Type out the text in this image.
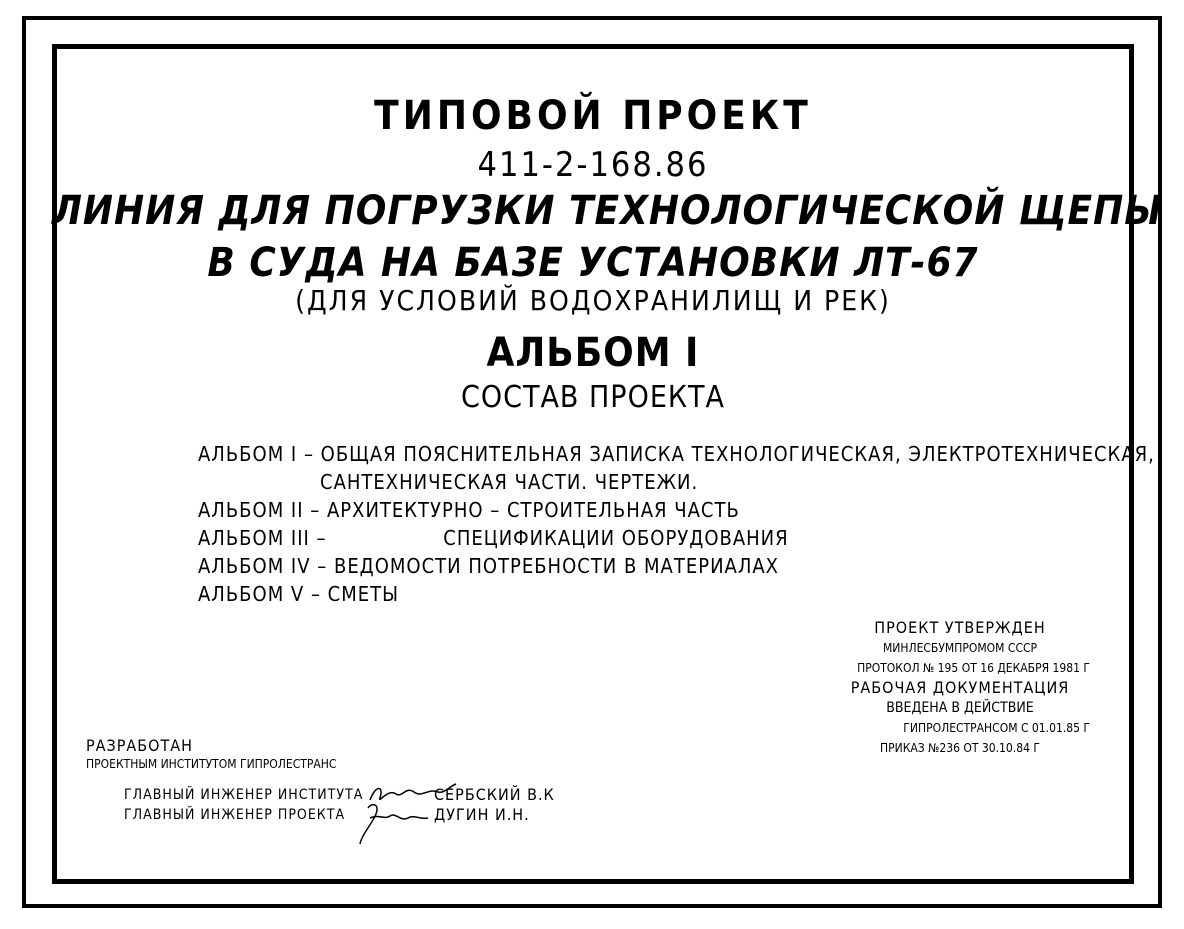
ТИПОВОЙ ПРОЕКТ
411-2-168.86
ЛИНИЯ ДЛЯ ПОГРУЗКИ ТЕХНОЛОГИЧЕСКОЙ ЩЕПЫ
В СУДА НА БАЗЕ УСТАНОВКИ ЛТ-67
(ДЛЯ УСЛОВИЙ ВОДОХРАНИЛИЩ И РЕК)
АЛЬБОМ I
СОСТАВ ПРОЕКТА
АЛЬБОМ I – ОБЩАЯ ПОЯСНИТЕЛЬНАЯ ЗАПИСКА ТЕХНОЛОГИЧЕСКАЯ, ЭЛЕКТРОТЕХНИЧЕСКАЯ,
САНТЕХНИЧЕСКАЯ ЧАСТИ. ЧЕРТЕЖИ.
АЛЬБОМ II – АРХИТЕКТУРНО – СТРОИТЕЛЬНАЯ ЧАСТЬ
АЛЬБОМ III –	СПЕЦИФИКАЦИИ ОБОРУДОВАНИЯ
АЛЬБОМ IV – ВЕДОМОСТИ ПОТРЕБНОСТИ В МАТЕРИАЛАХ
АЛЬБОМ V – СМЕТЫ
ПРОЕКТ УТВЕРЖДЕН
МИНЛЕСБУМПРОМОМ СССР
ПРОТОКОЛ № 195 ОТ 16 ДЕКАБРЯ 1981 Г
РАБОЧАЯ ДОКУМЕНТАЦИЯ
ВВЕДЕНА В ДЕЙСТВИЕ
ГИПРОЛЕСТРАНСОМ С 01.01.85 Г
ПРИКАЗ №236 ОТ 30.10.84 Г
РАЗРАБОТАН
ПРОЕКТНЫМ ИНСТИТУТОМ ГИПРОЛЕСТРАНС
ГЛАВНЫЙ ИНЖЕНЕР ИНСТИТУТА	СЕРБСКИЙ В.К
ГЛАВНЫЙ ИНЖЕНЕР ПРОЕКТА	ДУГИН И.Н.
